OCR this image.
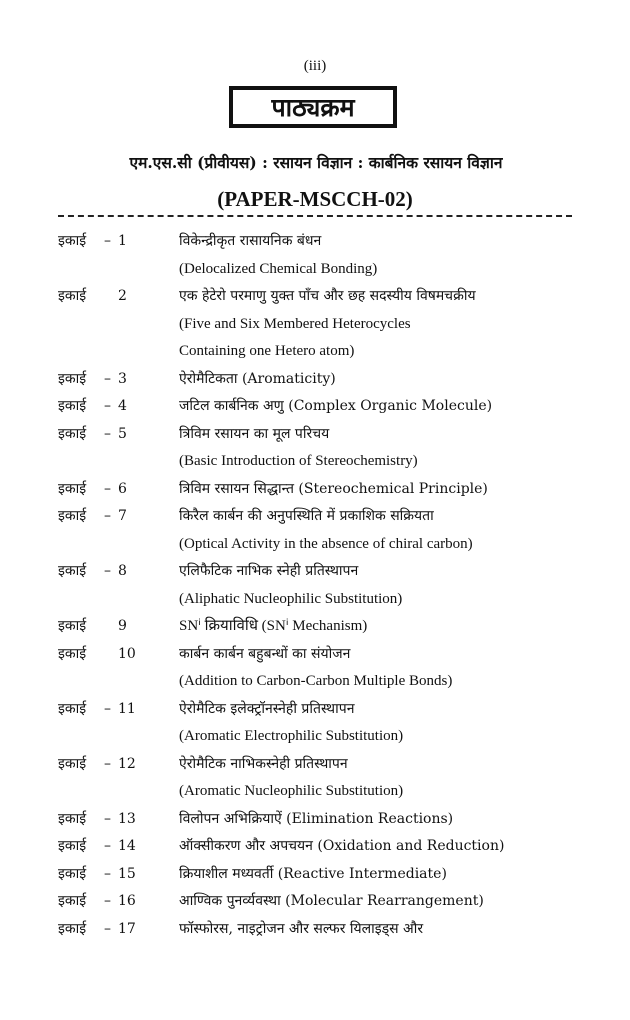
(iii)
पाठ्यक्रम
एम.एस.सी (प्रीवीयस) : रसायन विज्ञान : कार्बनिक रसायन विज्ञान
(PAPER-MSCCH-02)
इकाई	– 1	विकेन्द्रीकृत रासायनिक बंधन
(Delocalized Chemical Bonding)
इकाई	2	एक हेटेरो परमाणु युक्त पाँच और छह सदस्यीय विषमचक्रीय
(Five and Six Membered Heterocycles
Containing one Hetero atom)
इकाई	– 3	ऐरोमैटिकता (Aromaticity)
इकाई	– 4	जटिल कार्बनिक अणु (Complex Organic Molecule)
इकाई	– 5	त्रिविम रसायन का मूल परिचय
(Basic Introduction of Stereochemistry)
इकाई	– 6	त्रिविम रसायन सिद्धान्त (Stereochemical Principle)
इकाई	– 7	किरैल कार्बन की अनुपस्थिति में प्रकाशिक सक्रियता
(Optical Activity in the absence of chiral carbon)
इकाई	– 8	एलिफैटिक नाभिक स्नेही प्रतिस्थापन
(Aliphatic Nucleophilic Substitution)
इकाई	9	SNⁱ क्रियाविधि (SNⁱ Mechanism)
इकाई	10	कार्बन कार्बन बहुबन्धों का संयोजन
(Addition to Carbon-Carbon Multiple Bonds)
इकाई	– 11	ऐरोमैटिक इलेक्ट्रॉनस्नेही प्रतिस्थापन
(Aromatic Electrophilic Substitution)
इकाई	– 12	ऐरोमैटिक नाभिकस्नेही प्रतिस्थापन
(Aromatic Nucleophilic Substitution)
इकाई	– 13	विलोपन अभिक्रियाऐं (Elimination Reactions)
इकाई	– 14	ऑक्सीकरण और अपचयन (Oxidation and Reduction)
इकाई	– 15	क्रियाशील मध्यवर्ती (Reactive Intermediate)
इकाई	– 16	आण्विक पुनर्व्यवस्था (Molecular Rearrangement)
इकाई	– 17	फॉस्फोरस, नाइट्रोजन और सल्फर यिलाइड्स और
